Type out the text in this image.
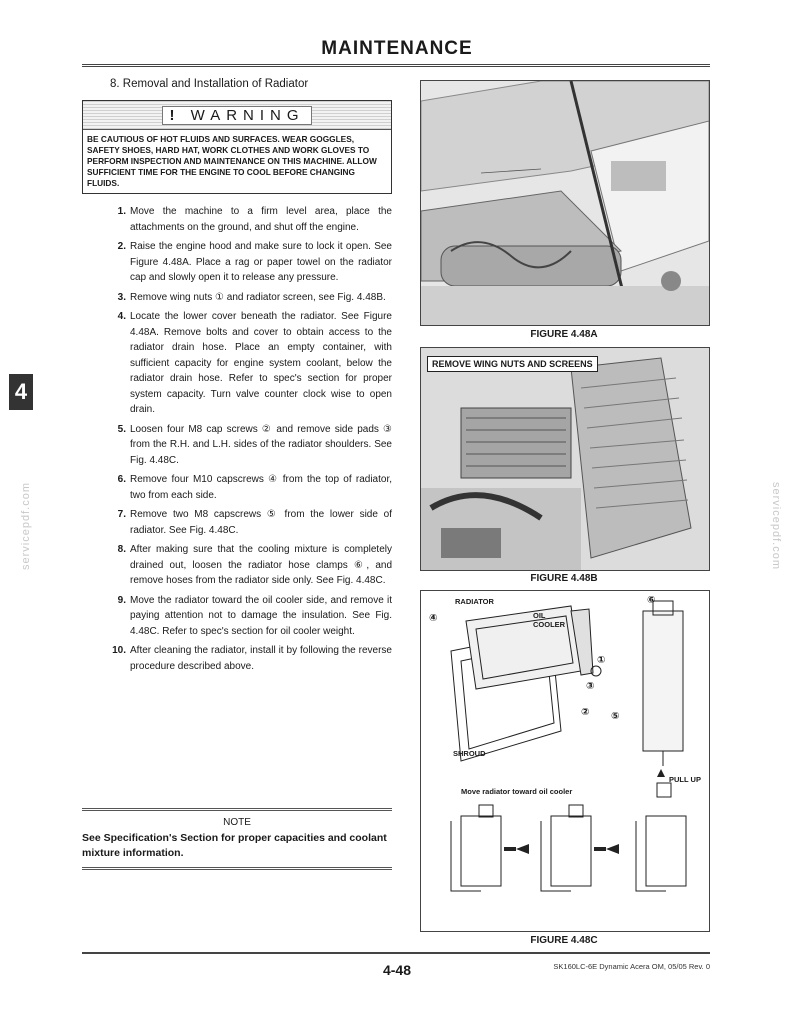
MAINTENANCE
4
servicepdf.com	servicepdf.com
8. Removal and Installation of Radiator
! WARNING
BE CAUTIOUS OF HOT FLUIDS AND SURFACES. WEAR GOGGLES, SAFETY SHOES, HARD HAT, WORK CLOTHES AND WORK GLOVES TO PERFORM INSPECTION AND MAINTENANCE ON THIS MACHINE. ALLOW SUFFICIENT TIME FOR THE ENGINE TO COOL BEFORE CHANGING FLUIDS.
1. Move the machine to a firm level area, place the attachments on the ground, and shut off the engine.
2. Raise the engine hood and make sure to lock it open. See Figure 4.48A. Place a rag or paper towel on the radiator cap and slowly open it to release any pressure.
3. Remove wing nuts ① and radiator screen, see Fig. 4.48B.
4. Locate the lower cover beneath the radiator. See Figure 4.48A. Remove bolts and cover to obtain access to the radiator drain hose. Place an empty container, with sufficient capacity for engine system coolant, below the radiator drain hose. Refer to spec's section for proper system capacity. Turn valve counter clock wise to open drain.
5. Loosen four M8 cap screws ② and remove side pads ③ from the R.H. and L.H. sides of the radiator shoulders. See Fig. 4.48C.
6. Remove four M10 capscrews ④ from the top of radiator, two from each side.
7. Remove two M8 capscrews ⑤ from the lower side of radiator. See Fig. 4.48C.
8. After making sure that the cooling mixture is completely drained out, loosen the radiator hose clamps ⑥, and remove hoses from the radiator side only. See Fig. 4.48C.
9. Move the radiator toward the oil cooler side, and remove it paying attention not to damage the insulation. See Fig. 4.48C. Refer to spec's section for oil cooler weight.
10. After cleaning the radiator, install it by following the reverse procedure described above.
NOTE
See Specification's Section for proper capacities and coolant mixture information.
FIGURE 4.48A
REMOVE WING NUTS AND SCREENS
FIGURE 4.48B
RADIATOR
OIL COOLER
SHROUD
PULL UP
Move radiator toward oil cooler
④
①
③
② ⑤
⑥
FIGURE 4.48C
4-48	SK160LC-6E Dynamic Acera OM, 05/05 Rev. 0
